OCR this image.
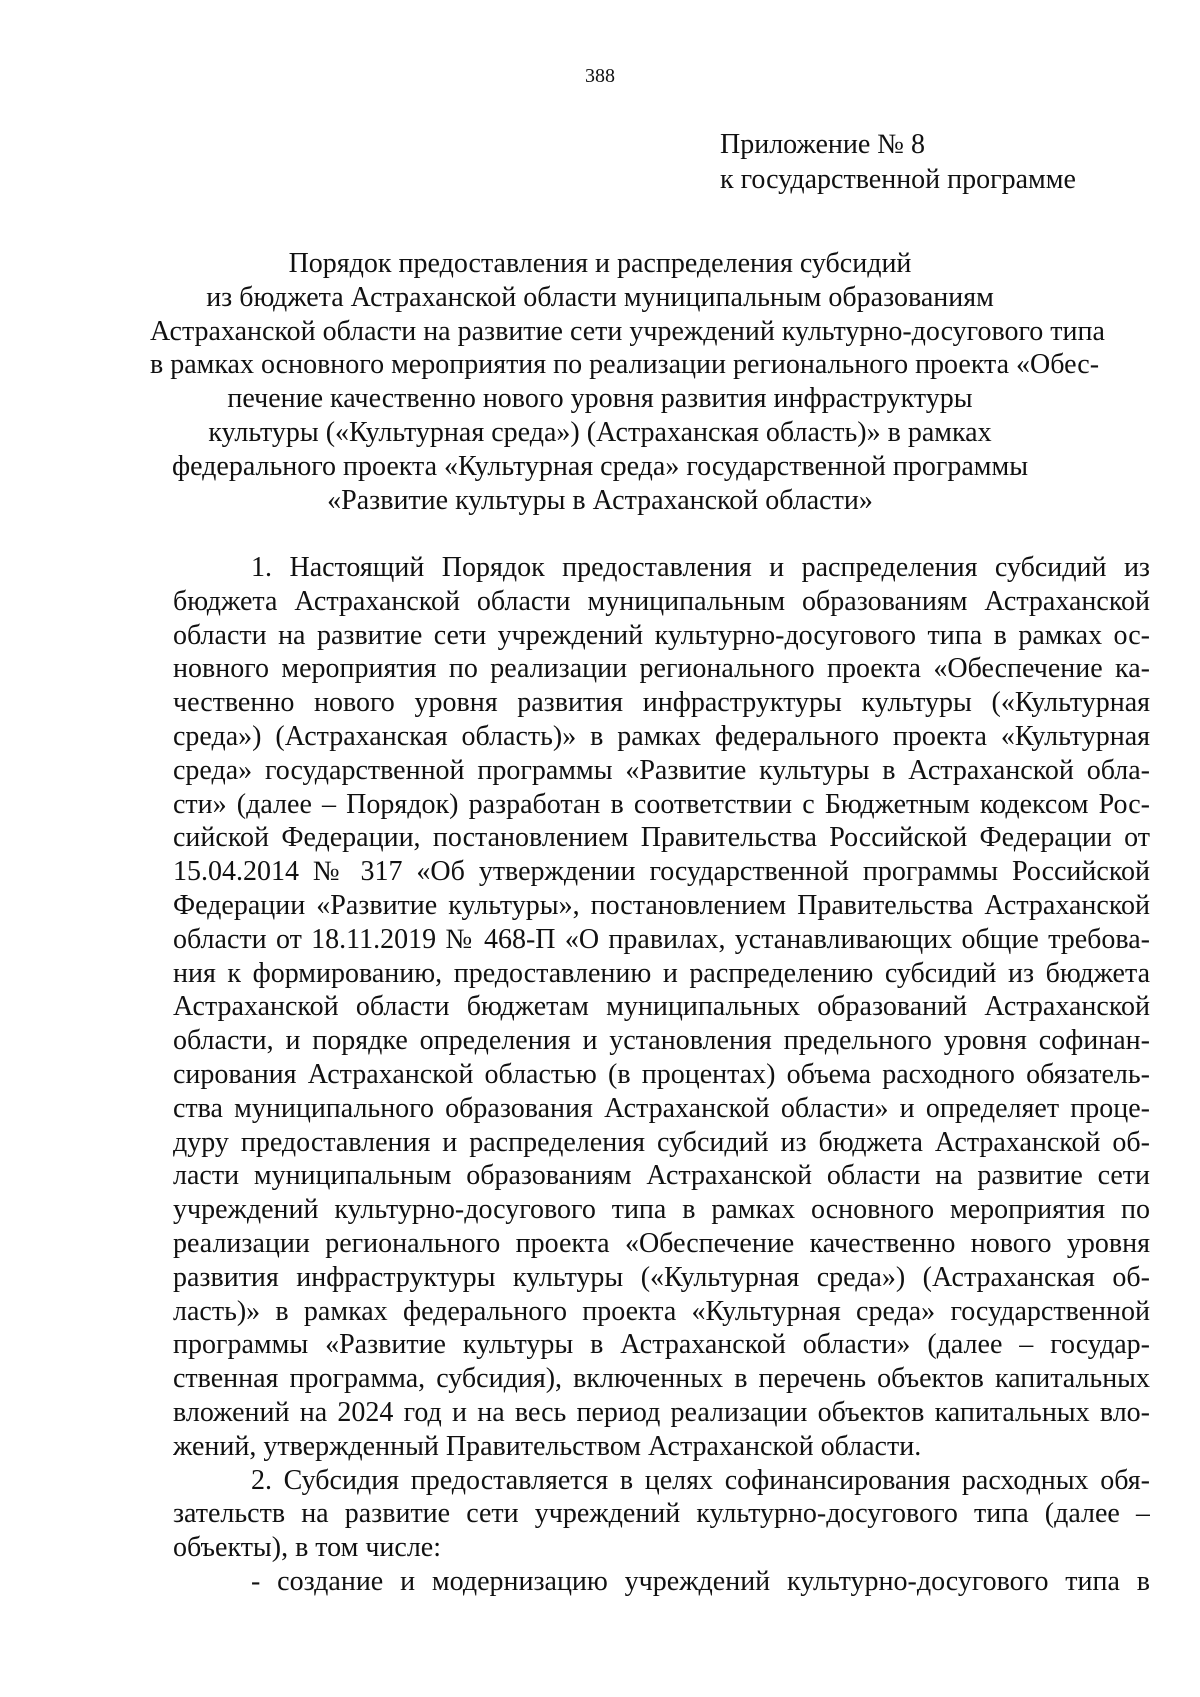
388
Приложение № 8
к государственной программе
Порядок предоставления и распределения субсидий
из бюджета Астраханской области муниципальным образованиям
Астраханской области на развитие сети учреждений культурно-досугового типа
в рамках основного мероприятия по реализации регионального проекта «Обес-
печение качественно нового уровня развития инфраструктуры
культуры («Культурная среда») (Астраханская область)» в рамках
федерального проекта «Культурная среда» государственной программы
«Развитие культуры в Астраханской области»
1. Настоящий Порядок предоставления и распределения субсидий из
бюджета Астраханской области муниципальным образованиям Астраханской
области на развитие сети учреждений культурно-досугового типа в рамках ос-
новного мероприятия по реализации регионального проекта «Обеспечение ка-
чественно нового уровня развития инфраструктуры культуры («Культурная
среда») (Астраханская область)» в рамках федерального проекта «Культурная
среда» государственной программы «Развитие культуры в Астраханской обла-
сти» (далее – Порядок) разработан в соответствии с Бюджетным кодексом Рос-
сийской Федерации, постановлением Правительства Российской Федерации от
15.04.2014 № 317 «Об утверждении государственной программы Российской
Федерации «Развитие культуры», постановлением Правительства Астраханской
области от 18.11.2019 № 468-П «О правилах, устанавливающих общие требова-
ния к формированию, предоставлению и распределению субсидий из бюджета
Астраханской области бюджетам муниципальных образований Астраханской
области, и порядке определения и установления предельного уровня софинан-
сирования Астраханской областью (в процентах) объема расходного обязатель-
ства муниципального образования Астраханской области» и определяет проце-
дуру предоставления и распределения субсидий из бюджета Астраханской об-
ласти муниципальным образованиям Астраханской области на развитие сети
учреждений культурно-досугового типа в рамках основного мероприятия по
реализации регионального проекта «Обеспечение качественно нового уровня
развития инфраструктуры культуры («Культурная среда») (Астраханская об-
ласть)» в рамках федерального проекта «Культурная среда» государственной
программы «Развитие культуры в Астраханской области» (далее – государ-
ственная программа, субсидия), включенных в перечень объектов капитальных
вложений на 2024 год и на весь период реализации объектов капитальных вло-
жений, утвержденный Правительством Астраханской области.
2. Субсидия предоставляется в целях софинансирования расходных обя-
зательств на развитие сети учреждений культурно-досугового типа (далее –
объекты), в том числе:
- создание и модернизацию учреждений культурно-досугового типа в
